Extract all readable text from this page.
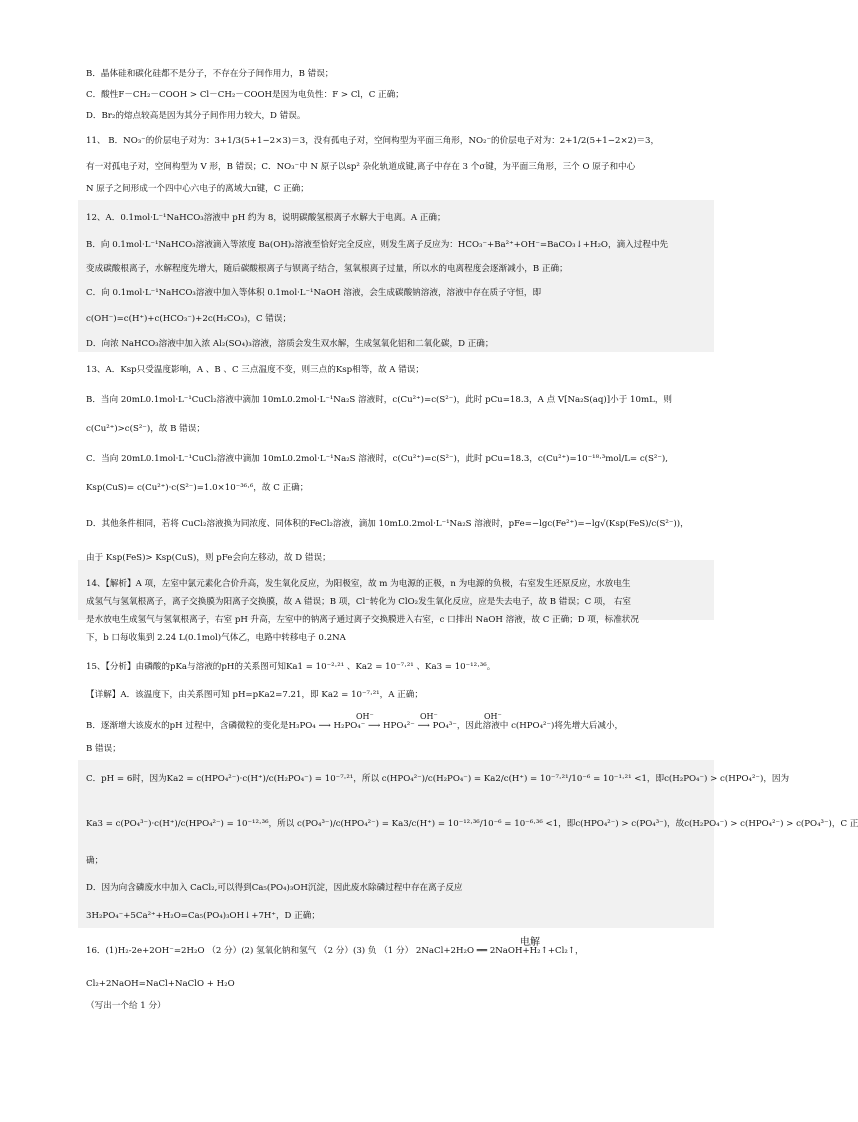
B．晶体硅和碳化硅都不是分子，不存在分子间作用力，B 错误；
C．酸性F－CH₂－COOH > Cl－CH₂－COOH是因为电负性：F > Cl，C 正确；
D．Br₂的熔点较高是因为其分子间作用力较大，D 错误。
11、 B．NO₃⁻的价层电子对为：3+1/3(5+1−2×3)＝3，没有孤电子对，空间构型为平面三角形，NO₂⁻的价层电子对为：2+1/2(5+1−2×2)＝3，
有一对孤电子对，空间构型为 V 形，B 错误；C．NO₃⁻中 N 原子以sp² 杂化轨道成键,离子中存在 3 个σ键，为平面三角形，三个 O 原子和中心
N 原子之间形成一个四中心六电子的离域大π键，C 正确；
12、A．0.1mol·L⁻¹NaHCO₃溶液中 pH 约为 8，说明碳酸氢根离子水解大于电离。A 正确；
B．向 0.1mol·L⁻¹NaHCO₃溶液滴入等浓度 Ba(OH)₂溶液至恰好完全反应，则发生离子反应为：HCO₃⁻+Ba²⁺+OH⁻=BaCO₃↓+H₂O，滴入过程中先
变成碳酸根离子，水解程度先增大，随后碳酸根离子与钡离子结合，氢氧根离子过量，所以水的电离程度会逐渐减小，B 正确；
C．向 0.1mol·L⁻¹NaHCO₃溶液中加入等体积 0.1mol·L⁻¹NaOH 溶液，会生成碳酸钠溶液，溶液中存在质子守恒，即
c(OH⁻)=c(H⁺)+c(HCO₃⁻)+2c(H₂CO₃)，C 错误；
D．向浓 NaHCO₃溶液中加入浓 Al₂(SO₄)₃溶液，溶质会发生双水解，生成氢氧化铝和二氧化碳，D 正确；
13、A．Ksp只受温度影响，A 、B 、C 三点温度不变，则三点的Ksp相等，故 A 错误；
B．当向 20mL0.1mol·L⁻¹CuCl₂溶液中滴加 10mL0.2mol·L⁻¹Na₂S 溶液时，c(Cu²⁺)=c(S²⁻)，此时 pCu=18.3，A 点 V[Na₂S(aq)]小于 10mL，则
c(Cu²⁺)>c(S²⁻)，故 B 错误；
C．当向 20mL0.1mol·L⁻¹CuCl₂溶液中滴加 10mL0.2mol·L⁻¹Na₂S 溶液时，c(Cu²⁺)=c(S²⁻)，此时 pCu=18.3，c(Cu²⁺)=10⁻¹⁸·³mol/L= c(S²⁻),
Ksp(CuS)= c(Cu²⁺)·c(S²⁻)=1.0×10⁻³⁶·⁶，故 C 正确；
D．其他条件相同，若将 CuCl₂溶液换为同浓度、同体积的FeCl₂溶液，滴加 10mL0.2mol·L⁻¹Na₂S 溶液时，pFe=−lgc(Fe²⁺)=−lg√(Ksp(FeS)/c(S²⁻))，
由于 Ksp(FeS)> Ksp(CuS)，则 pFe会向左移动，故 D 错误；
14、【解析】A 项，左室中氯元素化合价升高，发生氧化反应，为阳极室，故 m 为电源的正极，n 为电源的负极，右室发生还原反应，水放电生
成氢气与氢氧根离子，离子交换膜为阳离子交换膜，故 A 错误；B 项，Cl⁻转化为 ClO₂发生氧化反应，应是失去电子，故 B 错误；C 项， 右室
是水放电生成氢气与氢氧根离子，右室 pH 升高，左室中的钠离子通过离子交换膜进入右室，c 口排出 NaOH 溶液，故 C 正确；D 项，标准状况
下，b 口每收集到 2.24 L(0.1mol)气体乙，电路中转移电子 0.2NA
15、【分析】由磷酸的pKa与溶液的pH的关系图可知Ka1 = 10⁻²·²¹ 、Ka2 = 10⁻⁷·²¹ 、Ka3 = 10⁻¹²·³⁶。
【详解】A．该温度下，由关系图可知 pH=pKa2=7.21，即 Ka2 = 10⁻⁷·²¹，A 正确；
OH⁻	OH⁻	OH⁻
B．逐渐增大该废水的pH 过程中，含磷微粒的变化是H₃PO₄ ⟶ H₂PO₄⁻ ⟶ HPO₄²⁻ ⟶ PO₄³⁻，因此溶液中 c(HPO₄²⁻)将先增大后减小，
B 错误；
C．pH = 6时，因为Ka2 = c(HPO₄²⁻)·c(H⁺)/c(H₂PO₄⁻) = 10⁻⁷·²¹，所以 c(HPO₄²⁻)/c(H₂PO₄⁻) = Ka2/c(H⁺) = 10⁻⁷·²¹/10⁻⁶ = 10⁻¹·²¹ <1，即c(H₂PO₄⁻) > c(HPO₄²⁻)，因为
Ka3 = c(PO₄³⁻)·c(H⁺)/c(HPO₄²⁻) = 10⁻¹²·³⁶，所以 c(PO₄³⁻)/c(HPO₄²⁻) = Ka3/c(H⁺) = 10⁻¹²·³⁶/10⁻⁶ = 10⁻⁶·³⁶ <1，即c(HPO₄²⁻) > c(PO₄³⁻)，故c(H₂PO₄⁻) > c(HPO₄²⁻) > c(PO₄³⁻)，C 正
确；
D．因为向含磷废水中加入 CaCl₂,可以得到Ca₅(PO₄)₃OH沉淀，因此废水除磷过程中存在离子反应
3H₂PO₄⁻+5Ca²⁺+H₂O=Ca₅(PO₄)₃OH↓+7H⁺，D 正确；
电解
16．(1)H₂-2e+2OH⁻=2H₂O （2 分）(2) 氢氧化钠和氢气 （2 分）(3) 负 （1 分） 2NaCl+2H₂O ══ 2NaOH+H₂↑+Cl₂↑，
Cl₂+2NaOH=NaCl+NaClO + H₂O
（写出一个给 1 分）
